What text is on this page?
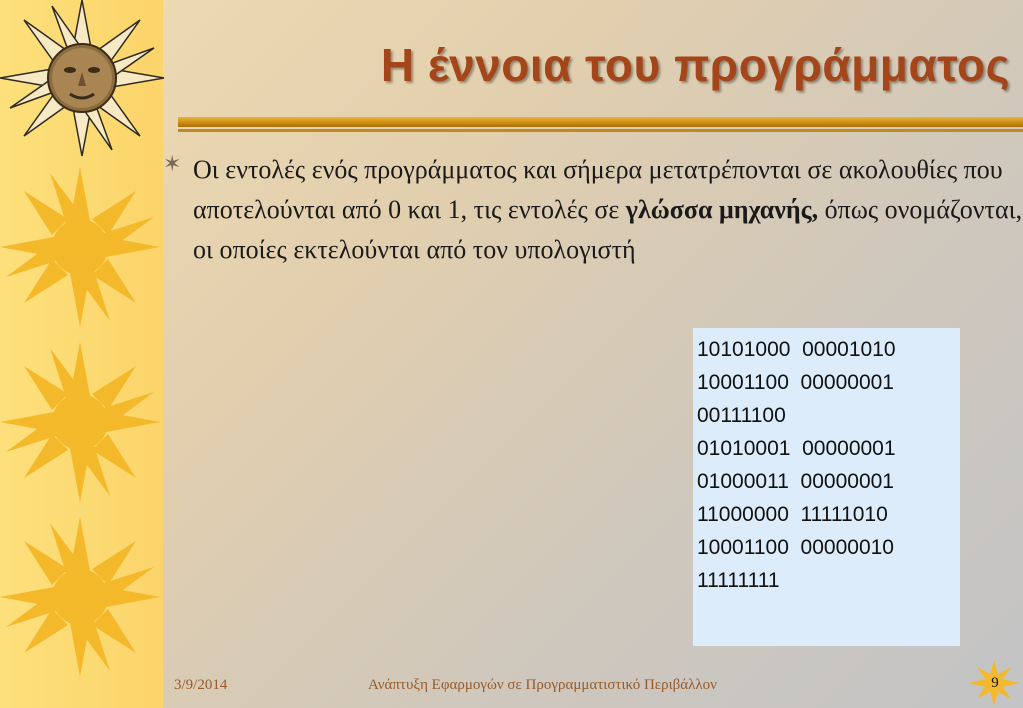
Η έννοια του προγράμματος
✶ Οι εντολές ενός προγράμματος και σήμερα μετατρέπονται σε ακολουθίες που αποτελούνται από 0 και 1, τις εντολές σε γλώσσα μηχανής, όπως ονομάζονται, οι οποίες εκτελούνται από τον υπολογιστή

10101000  00001010

10001100  00000001

00111100

01010001  00000001

01000011  00000001

11000000  11111010

10001100  00000010

11111111

3/9/2014	Ανάπτυξη Εφαρμογών σε Προγραμματιστικό Περιβάλλον	9
